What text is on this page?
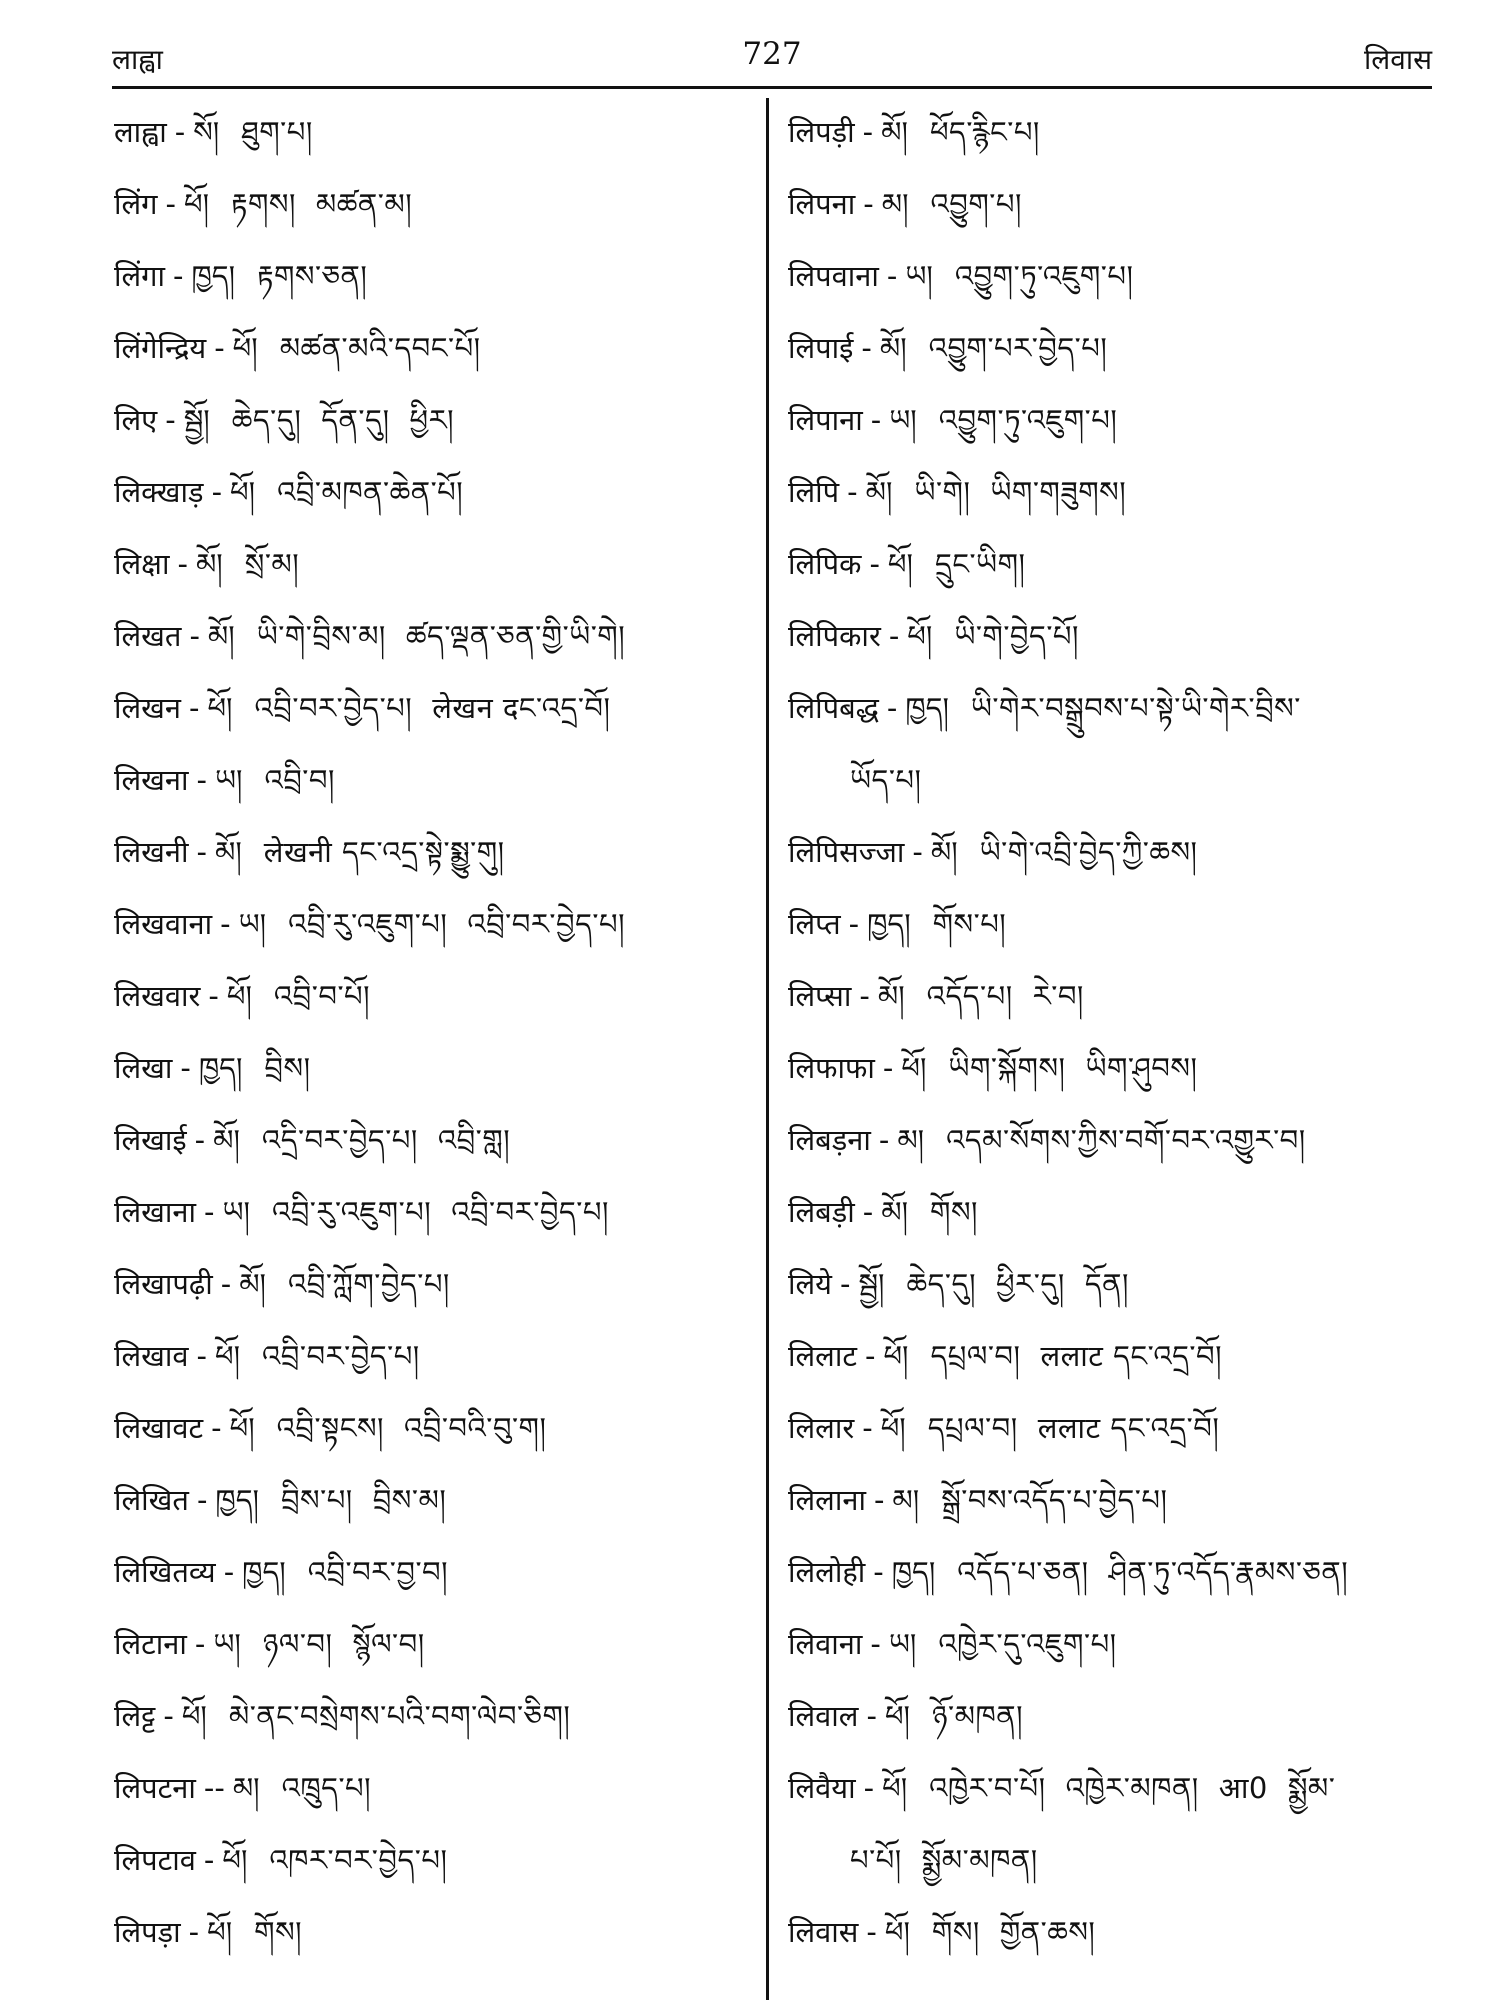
लाह्वा	727	लिवास
लाह्वा - སོ། ཐུག་པ།
लिंग - ཕོ། རྟགས། མཚན་མ།
लिंगा - ཁྱད། རྟགས་ཅན།
लिंगेन्द्रिय - ཕོ། མཚན་མའི་དབང་པོ།
लिए - སྦྱོ། ཆེད་དུ། དོན་དུ། ཕྱིར།
लिक्खाड़ - ཕོ། འབྲི་མཁན་ཆེན་པོ།
लिक्षा - མོ། སྲོ་མ།
लिखत - མོ། ཡི་གེ་བྲིས་མ། ཚད་ལྡན་ཅན་གྱི་ཡི་གེ།
लिखन - ཕོ། འབྲི་བར་བྱེད་པ། लेखन दང་འདྲ་བོ།
लिखना - ཡ། འབྲི་བ།
लिखनी - མོ། लेखनी དང་འདྲ་སྟེ་སྨྱུ་གུ།
लिखवाना - ཡ། འབྲི་རུ་འཇུག་པ། འབྲི་བར་བྱེད་པ།
लिखवार - ཕོ། འབྲི་བ་པོ།
लिखा - ཁྱད། བྲིས།
लिखाई - མོ། འདྲི་བར་བྱེད་པ། འབྲི་གླ།
लिखाना - ཡ། འབྲི་རུ་འཇུག་པ། འབྲི་བར་བྱེད་པ།
लिखापढ़ी - མོ། འབྲི་ཀློག་བྱེད་པ།
लिखाव - ཕོ། འབྲི་བར་བྱེད་པ།
लिखावट - ཕོ། འབྲི་སྟངས། འབྲི་བའི་བུ་ག།
लिखित - ཁྱད། བྲིས་པ། བྲིས་མ།
लिखितव्य - ཁྱད། འབྲི་བར་བྱ་བ།
लिटाना - ཡ། ཉལ་བ། སྙོལ་བ།
लिट्ट - ཕོ། མེ་ནང་བསྲེགས་པའི་བག་ལེབ་ཅིག།
लिपटना -- མ། འཁྲུད་པ།
लिपटाव - ཕོ། འཁར་བར་བྱེད་པ།
लिपड़ा - ཕོ། གོས།
लिपड़ी - མོ། ཕོད་རྙིང་པ།
लिपना - མ། འབྱུག་པ།
लिपवाना - ཡ། འབྱུག་ཏུ་འཇུག་པ།
लिपाई - མོ། འབྱུག་པར་བྱེད་པ།
लिपाना - ཡ། འབྱུག་ཏུ་འཇུག་པ།
लिपि - མོ། ཡི་གེ། ཡིག་གཟུགས།
लिपिक - ཕོ། དྲུང་ཡིག།
लिपिकार - ཕོ། ཡི་གེ་བྱེད་པོ།
लिपिबद्ध - ཁྱད། ཡི་གེར་བསྒྲུབས་པ་སྟེ་ཡི་གེར་བྲིས་
ཡོད་པ།
लिपिसज्जा - མོ། ཡི་གེ་འབྲི་བྱེད་ཀྱི་ཆས།
लिप्त - ཁྱད། གོས་པ།
लिप्सा - མོ། འདོད་པ། རེ་བ།
लिफाफा - ཕོ། ཡིག་སྐོགས། ཡིག་ཤུབས།
लिबड़ना - མ། འདམ་སོགས་ཀྱིས་བགོ་བར་འགྱུར་བ།
लिबड़ी - མོ། གོས།
लिये - སྦྱོ། ཆེད་དུ། ཕྱིར་དུ། དོན།
लिलाट - ཕོ། དཔྲལ་བ། ललाट དང་འདྲ་བོ།
लिलार - ཕོ། དཔྲལ་བ། ललाट དང་འདྲ་བོ།
लिलाना - མ། སྒྲོ་བས་འདོད་པ་བྱེད་པ།
लिलोही - ཁྱད། འདོད་པ་ཅན། ཤིན་ཏུ་འདོད་རྣམས་ཅན།
लिवाना - ཡ། འཁྱེར་དུ་འཇུག་པ།
लिवाल - ཕོ། ཉོ་མཁན།
लिवैया - ཕོ། འཁྱེར་བ་པོ། འཁྱེར་མཁན། आ0 སྨྱོམ་
པ་པོ། སྨྱོམ་མཁན།
लिवास - ཕོ། གོས། གྱོན་ཆས།
